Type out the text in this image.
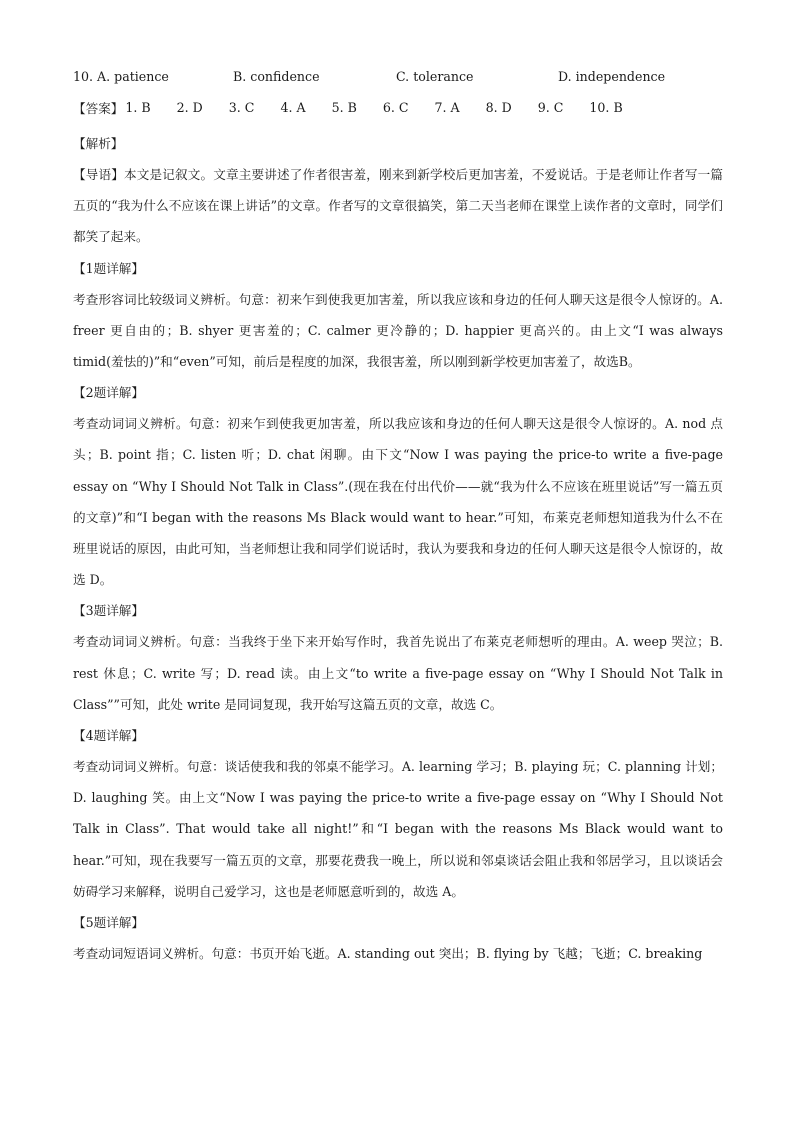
10. A. patience	B. confidence	C. tolerance	D. independence
【答案】 1. B 2. D 3. C 4. A 5. B 6. C 7. A 8. D 9. C 10. B
【解析】
【导语】本文是记叙文。文章主要讲述了作者很害羞，刚来到新学校后更加害羞，不爱说话。于是老师让作者写一篇五页的“我为什么不应该在课上讲话”的文章。作者写的文章很搞笑，第二天当老师在课堂上读作者的文章时，同学们都笑了起来。
【1题详解】
考查形容词比较级词义辨析。句意：初来乍到使我更加害羞，所以我应该和身边的任何人聊天这是很令人惊讶的。A. freer 更自由的；B. shyer 更害羞的；C. calmer 更冷静的；D. happier 更高兴的。由上文“I was always timid(羞怯的)”和“even”可知，前后是程度的加深，我很害羞，所以刚到新学校更加害羞了，故选B。
【2题详解】
考查动词词义辨析。句意：初来乍到使我更加害羞，所以我应该和身边的任何人聊天这是很令人惊讶的。A. nod 点头；B. point 指；C. listen 听；D. chat 闲聊。由下文“Now I was paying the price-to write a five-page essay on “Why I Should Not Talk in Class”.(现在我在付出代价——就“我为什么不应该在班里说话”写一篇五页的文章)”和“I began with the reasons Ms Black would want to hear.”可知，布莱克老师想知道我为什么不在班里说话的原因，由此可知，当老师想让我和同学们说话时，我认为要我和身边的任何人聊天这是很令人惊讶的，故选 D。
【3题详解】
考查动词词义辨析。句意：当我终于坐下来开始写作时，我首先说出了布莱克老师想听的理由。A. weep 哭泣；B. rest 休息；C. write 写；D. read 读。由上文“to write a five-page essay on “Why I Should Not Talk in Class””可知，此处 write 是同词复现，我开始写这篇五页的文章，故选 C。
【4题详解】
考查动词词义辨析。句意：谈话使我和我的邻桌不能学习。A. learning 学习；B. playing 玩；C. planning 计划；D. laughing 笑。由上文“Now I was paying the price-to write a five-page essay on “Why I Should Not Talk in Class”. That would take all night!”和“I began with the reasons Ms Black would want to hear.”可知，现在我要写一篇五页的文章，那要花费我一晚上，所以说和邻桌谈话会阻止我和邻居学习，且以谈话会妨碍学习来解释，说明自己爱学习，这也是老师愿意听到的，故选 A。
【5题详解】
考查动词短语词义辨析。句意：书页开始飞逝。A. standing out 突出；B. flying by 飞越；飞逝；C. breaking
